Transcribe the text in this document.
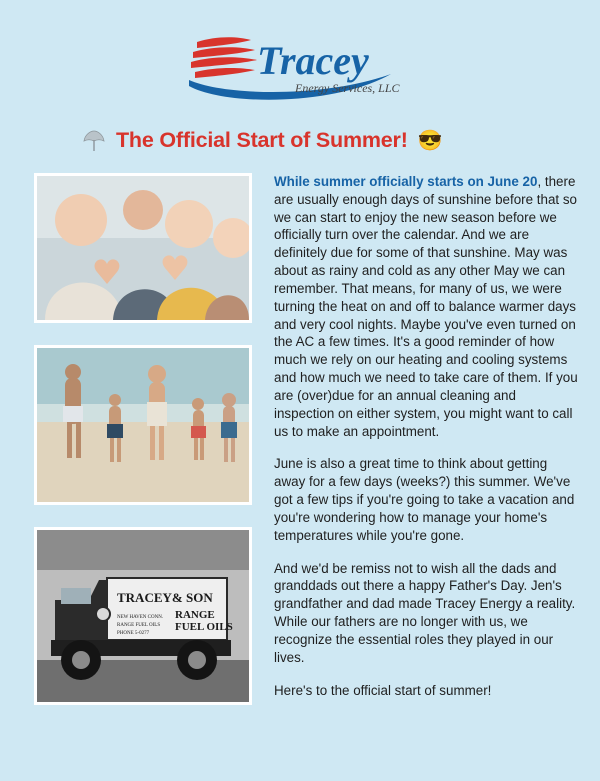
Tracey
Energy Services, LLC
The Official Start of Summer! 😎
TRACEY& SON
NEW HAVEN CONN.
RANGE FUEL OILS
PHONE 5-0277
RANGE
FUEL OILS

While summer officially starts on June 20, there are usually enough days of sunshine before that so we can start to enjoy the new season before we officially turn over the calendar. And we are definitely due for some of that sunshine. May was about as rainy and cold as any other May we can remember. That means, for many of us, we were turning the heat on and off to balance warmer days and very cool nights. Maybe you've even turned on the AC a few times. It's a good reminder of how much we rely on our heating and cooling systems and how much we need to take care of them. If you are (over)due for an annual cleaning and inspection on either system, you might want to call us to make an appointment.

June is also a great time to think about getting away for a few days (weeks?) this summer. We've got a few tips if you're going to take a vacation and you're wondering how to manage your home's temperatures while you're gone.

And we'd be remiss not to wish all the dads and granddads out there a happy Father's Day. Jen's grandfather and dad made Tracey Energy a reality. While our fathers are no longer with us, we recognize the essential roles they played in our lives.

Here's to the official start of summer!
